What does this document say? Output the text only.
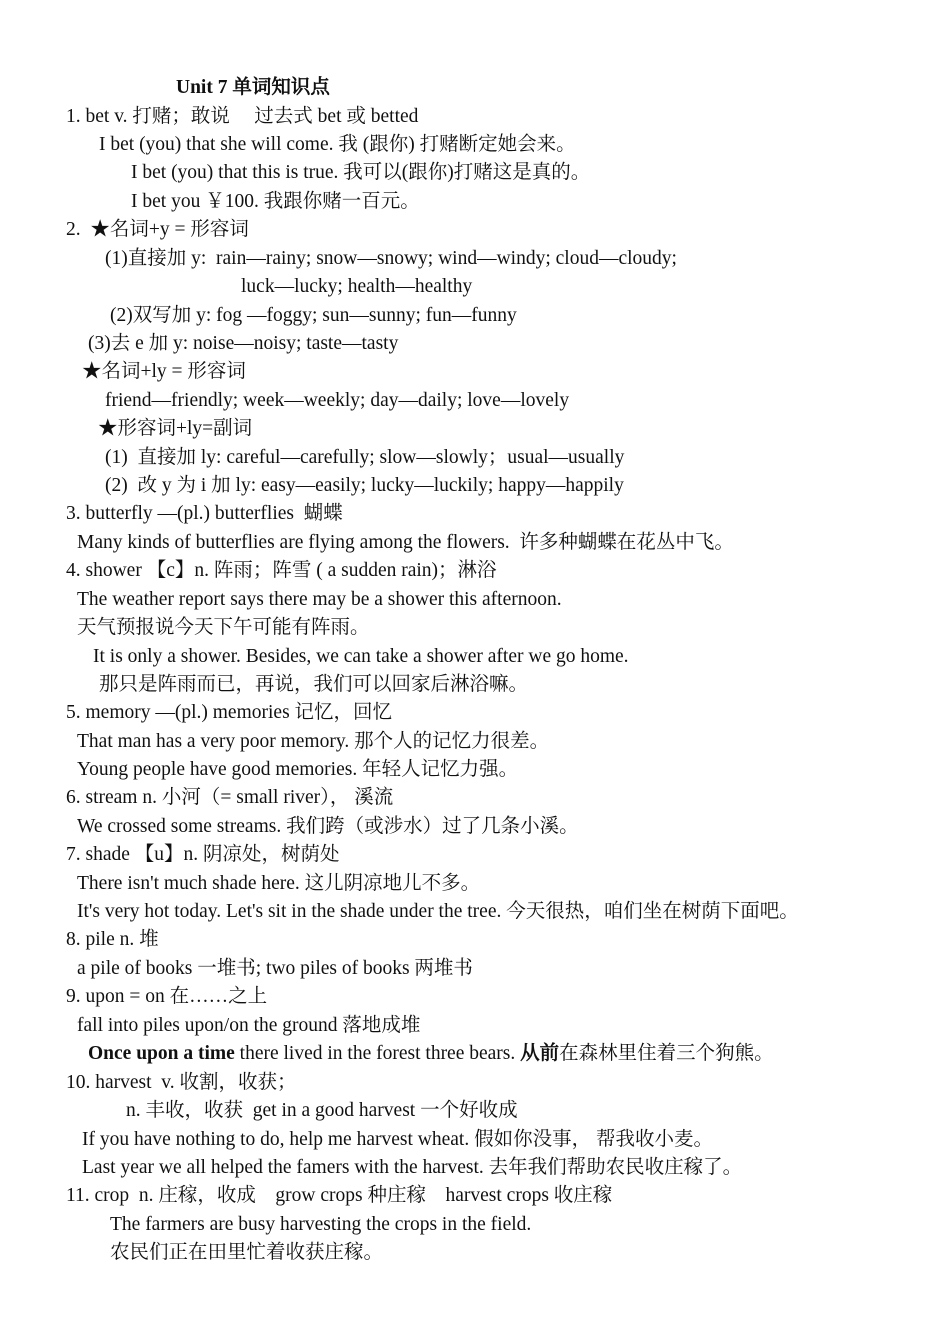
Unit 7 单词知识点
1. bet v. 打赌；敢说     过去式 bet 或 betted
I bet (you) that she will come. 我 (跟你) 打赌断定她会来。
I bet (you) that this is true. 我可以(跟你)打赌这是真的。
I bet you ￥100. 我跟你赌一百元。
2.  ★名词+y = 形容词
(1)直接加 y:  rain—rainy; snow—snowy; wind—windy; cloud—cloudy;
luck—lucky; health—healthy
(2)双写加 y: fog —foggy; sun—sunny; fun—funny
(3)去 e 加 y: noise—noisy; taste—tasty
★名词+ly = 形容词
friend—friendly; week—weekly; day—daily; love—lovely
★形容词+ly=副词
(1)  直接加 ly: careful—carefully; slow—slowly；usual—usually
(2)  改 y 为 i 加 ly: easy—easily; lucky—luckily; happy—happily
3. butterfly —(pl.) butterflies  蝴蝶
Many kinds of butterflies are flying among the flowers.  许多种蝴蝶在花丛中飞。
4. shower 【c】n. 阵雨；阵雪 ( a sudden rain)；淋浴
The weather report says there may be a shower this afternoon.
天气预报说今天下午可能有阵雨。
It is only a shower. Besides, we can take a shower after we go home.
那只是阵雨而已，再说，我们可以回家后淋浴嘛。
5. memory —(pl.) memories 记忆，回忆
That man has a very poor memory. 那个人的记忆力很差。
Young people have good memories. 年轻人记忆力强。
6. stream n. 小河（= small river）， 溪流
We crossed some streams. 我们跨（或涉水）过了几条小溪。
7. shade 【u】n. 阴凉处，树荫处
There isn't much shade here. 这儿阴凉地儿不多。
It's very hot today. Let's sit in the shade under the tree. 今天很热，咱们坐在树荫下面吧。
8. pile n. 堆
a pile of books 一堆书; two piles of books 两堆书
9. upon = on 在……之上
fall into piles upon/on the ground 落地成堆
Once upon a time there lived in the forest three bears. 从前在森林里住着三个狗熊。
10. harvest  v. 收割，收获；
n. 丰收，收获  get in a good harvest 一个好收成
If you have nothing to do, help me harvest wheat. 假如你没事， 帮我收小麦。
Last year we all helped the famers with the harvest. 去年我们帮助农民收庄稼了。
11. crop  n. 庄稼，收成    grow crops 种庄稼    harvest crops 收庄稼
The farmers are busy harvesting the crops in the field.
农民们正在田里忙着收获庄稼。
